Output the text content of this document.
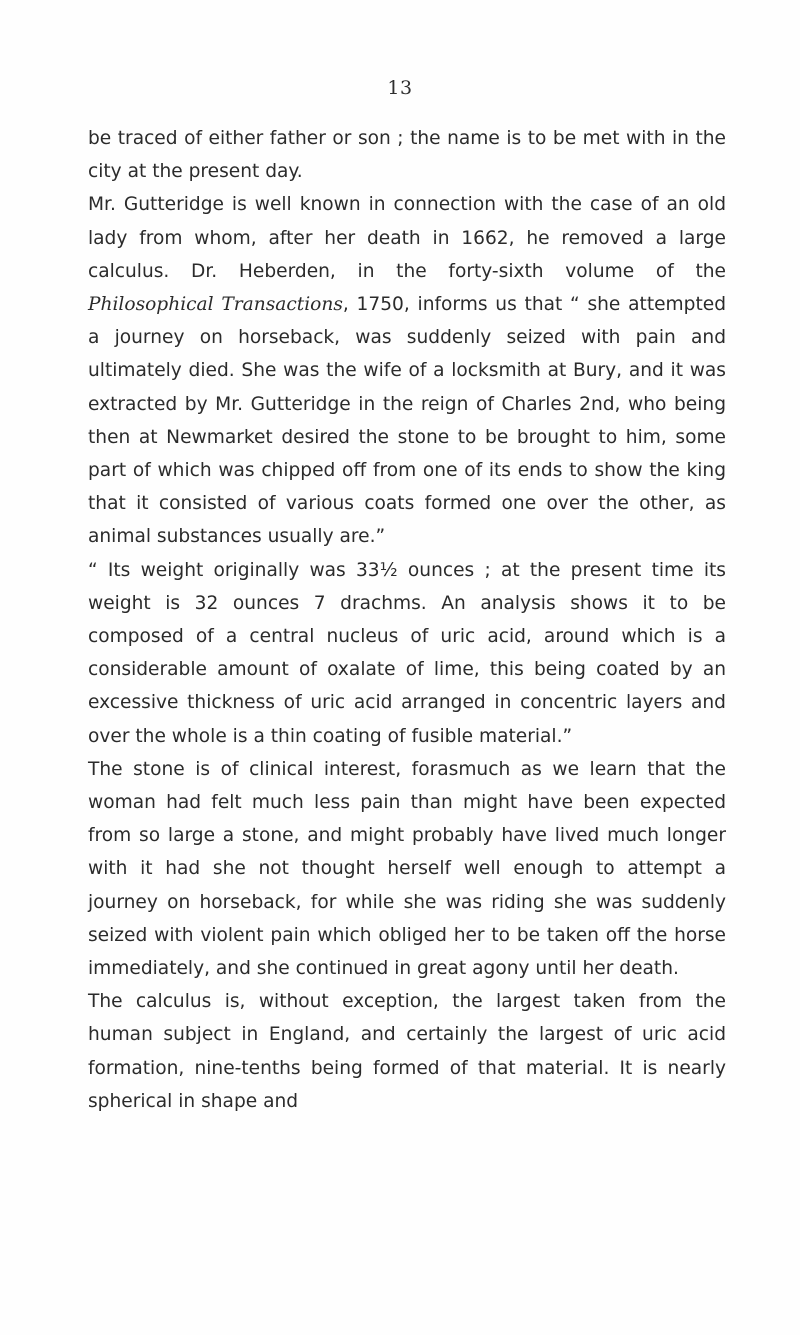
13

be traced of either father or son ; the name is to be met with in the city at the present day.

Mr. Gutteridge is well known in connection with the case of an old lady from whom, after her death in 1662, he removed a large calculus. Dr. Heberden, in the forty-sixth volume of the Philosophical Transactions, 1750, informs us that “ she attempted a journey on horseback, was suddenly seized with pain and ultimately died. She was the wife of a locksmith at Bury, and it was extracted by Mr. Gutteridge in the reign of Charles 2nd, who being then at Newmarket desired the stone to be brought to him, some part of which was chipped off from one of its ends to show the king that it consisted of various coats formed one over the other, as animal substances usually are.”

“ Its weight originally was 33½ ounces ; at the present time its weight is 32 ounces 7 drachms. An analysis shows it to be composed of a central nucleus of uric acid, around which is a considerable amount of oxalate of lime, this being coated by an excessive thickness of uric acid arranged in concentric layers and over the whole is a thin coating of fusible material.”

The stone is of clinical interest, forasmuch as we learn that the woman had felt much less pain than might have been expected from so large a stone, and might probably have lived much longer with it had she not thought herself well enough to attempt a journey on horseback, for while she was riding she was suddenly seized with violent pain which obliged her to be taken off the horse immediately, and she continued in great agony until her death.

The calculus is, without exception, the largest taken from the human subject in England, and certainly the largest of uric acid formation, nine-tenths being formed of that material. It is nearly spherical in shape and
